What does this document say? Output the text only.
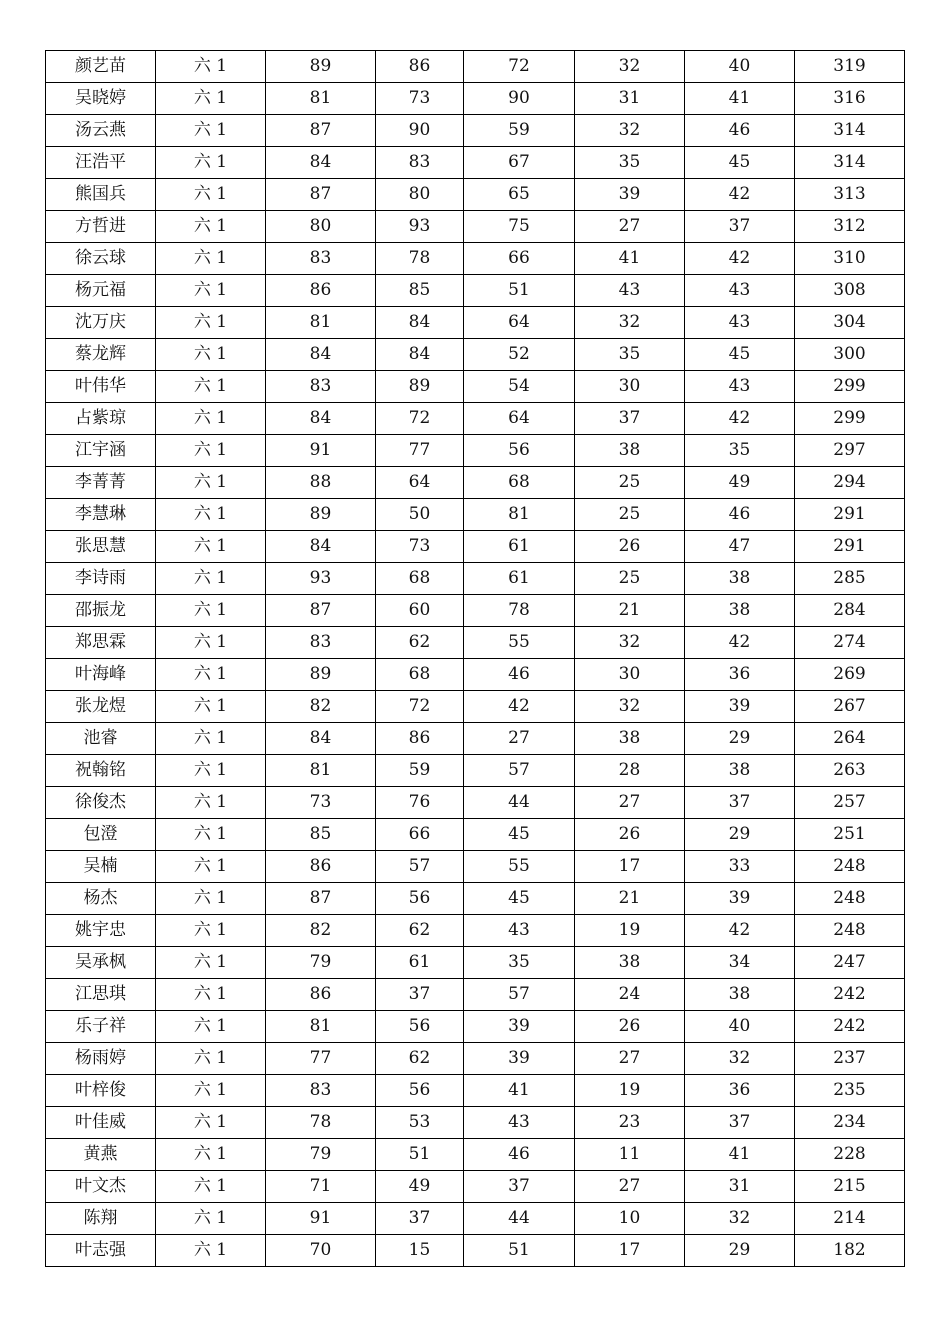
颜艺苗	六 1	89	86	72	32	40	319
吴晓婷	六 1	81	73	90	31	41	316
汤云燕	六 1	87	90	59	32	46	314
汪浩平	六 1	84	83	67	35	45	314
熊国兵	六 1	87	80	65	39	42	313
方哲进	六 1	80	93	75	27	37	312
徐云球	六 1	83	78	66	41	42	310
杨元福	六 1	86	85	51	43	43	308
沈万庆	六 1	81	84	64	32	43	304
蔡龙辉	六 1	84	84	52	35	45	300
叶伟华	六 1	83	89	54	30	43	299
占紫琼	六 1	84	72	64	37	42	299
江宇涵	六 1	91	77	56	38	35	297
李菁菁	六 1	88	64	68	25	49	294
李慧琳	六 1	89	50	81	25	46	291
张思慧	六 1	84	73	61	26	47	291
李诗雨	六 1	93	68	61	25	38	285
邵振龙	六 1	87	60	78	21	38	284
郑思霖	六 1	83	62	55	32	42	274
叶海峰	六 1	89	68	46	30	36	269
张龙煜	六 1	82	72	42	32	39	267
池睿	六 1	84	86	27	38	29	264
祝翰铭	六 1	81	59	57	28	38	263
徐俊杰	六 1	73	76	44	27	37	257
包澄	六 1	85	66	45	26	29	251
吴楠	六 1	86	57	55	17	33	248
杨杰	六 1	87	56	45	21	39	248
姚宇忠	六 1	82	62	43	19	42	248
吴承枫	六 1	79	61	35	38	34	247
江思琪	六 1	86	37	57	24	38	242
乐子祥	六 1	81	56	39	26	40	242
杨雨婷	六 1	77	62	39	27	32	237
叶梓俊	六 1	83	56	41	19	36	235
叶佳威	六 1	78	53	43	23	37	234
黄燕	六 1	79	51	46	11	41	228
叶文杰	六 1	71	49	37	27	31	215
陈翔	六 1	91	37	44	10	32	214
叶志强	六 1	70	15	51	17	29	182
